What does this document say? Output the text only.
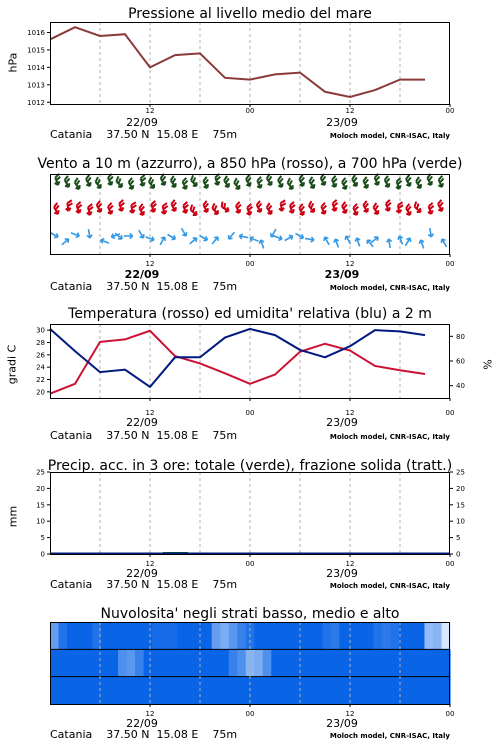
Pressione al livello medio del mare
hPa
12	00	12	00
22/09	23/09
1012
1013
1014
1015
1016
Catania    37.50 N  15.08 E    75m	Moloch model, CNR-ISAC, Italy
Vento a 10 m (azzurro), a 850 hPa (rosso), a 700 hPa (verde)
12	00	12	00
22/09	23/09
Catania    37.50 N  15.08 E    75m	Moloch model, CNR-ISAC, Italy
Temperatura (rosso) ed umidita' relativa (blu) a 2 m
gradi C	%
12	00	12	00
22/09	23/09
20
22
24
26
28
30
40
60
80
Catania    37.50 N  15.08 E    75m	Moloch model, CNR-ISAC, Italy
Precip. acc. in 3 ore: totale (verde), frazione solida (tratt.)
mm
12	00	12	00
22/09	23/09
0	0
5	5
10	10
15	15
20	20
25	25
Catania    37.50 N  15.08 E    75m	Moloch model, CNR-ISAC, Italy
Nuvolosita' negli strati basso, medio e alto
12	00	12	00
22/09	23/09
Catania    37.50 N  15.08 E    75m	Moloch model, CNR-ISAC, Italy
